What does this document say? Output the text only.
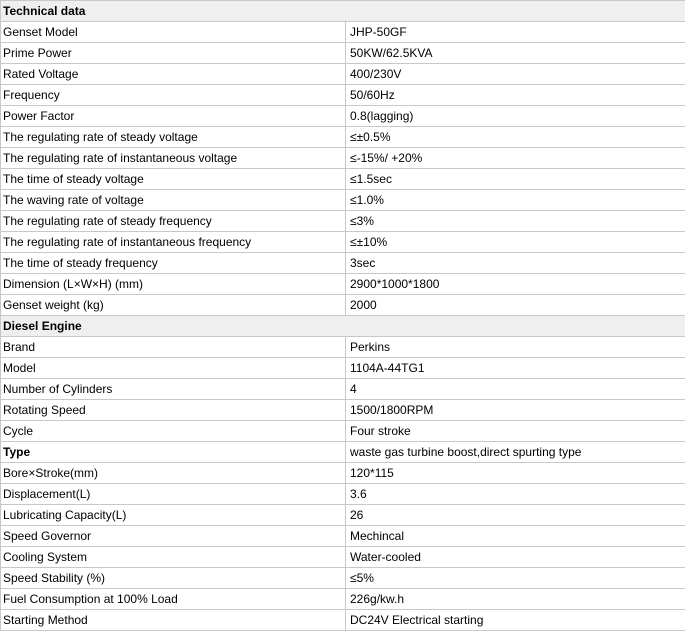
Technical data	
Genset Model	JHP-50GF
Prime Power	50KW/62.5KVA
Rated Voltage	400/230V
Frequency	50/60Hz
Power Factor	0.8(lagging)
The regulating rate of steady voltage	≤±0.5%
The regulating rate of instantaneous voltage	≤-15%/ +20%
The time of steady voltage	≤1.5sec
The waving rate of voltage	≤1.0%
The regulating rate of steady frequency	≤3%
The regulating rate of instantaneous frequency	≤±10%
The time of steady frequency	3sec
Dimension (L×W×H) (mm)	2900*1000*1800
Genset weight (kg)	2000
Diesel Engine	
Brand	Perkins
Model	1104A-44TG1
Number of Cylinders	4
Rotating Speed	1500/1800RPM
Cycle	Four stroke
Type	waste gas turbine boost,direct spurting type
Bore×Stroke(mm)	120*115
Displacement(L)	3.6
Lubricating Capacity(L)	26
Speed Governor	Mechincal
Cooling System	Water-cooled
Speed Stability (%)	≤5%
Fuel Consumption at 100% Load	226g/kw.h
Starting Method	DC24V Electrical starting
